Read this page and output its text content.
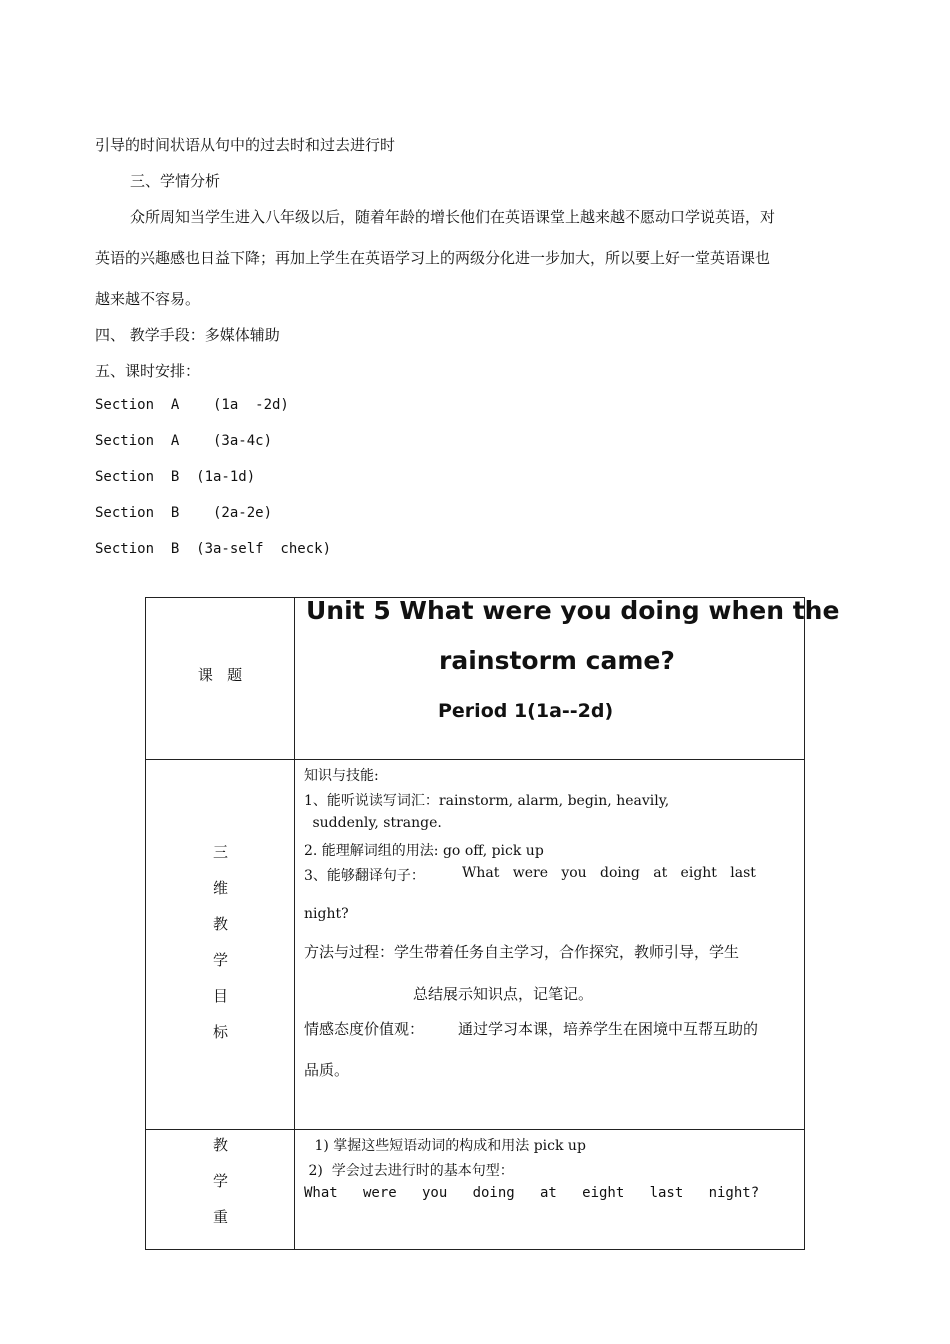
引导的时间状语从句中的过去时和过去进行时
三、学情分析
众所周知当学生进入八年级以后，随着年龄的增长他们在英语课堂上越来越不愿动口学说英语，对
英语的兴趣感也日益下降；再加上学生在英语学习上的两级分化进一步加大，所以要上好一堂英语课也
越来越不容易。
四、 教学手段：多媒体辅助
五、课时安排：
Section  A    (1a  -2d)
Section  A    (3a-4c)
Section  B  (1a-1d)
Section  B    (2a-2e)
Section  B  (3a-self  check)
课   题
Unit 5 What were you doing when the
rainstorm came?
Period 1(1a--2d)
三
维
教
学
目
标
知识与技能:
1、能听说读写词汇：rainstorm, alarm, begin, heavily,
suddenly, strange.
2. 能理解词组的用法: go off, pick up
3、能够翻译句子：	What   were   you   doing   at   eight   last
night?
方法与过程：学生带着任务自主学习，合作探究，教师引导，学生
总结展示知识点，记笔记。
情感态度价值观： 通过学习本课，培养学生在困境中互帮互助的
品质。
教
学
重
1) 掌握这些短语动词的构成和用法 pick up
2)  学会过去进行时的基本句型：
What   were   you   doing   at   eight   last   night?
